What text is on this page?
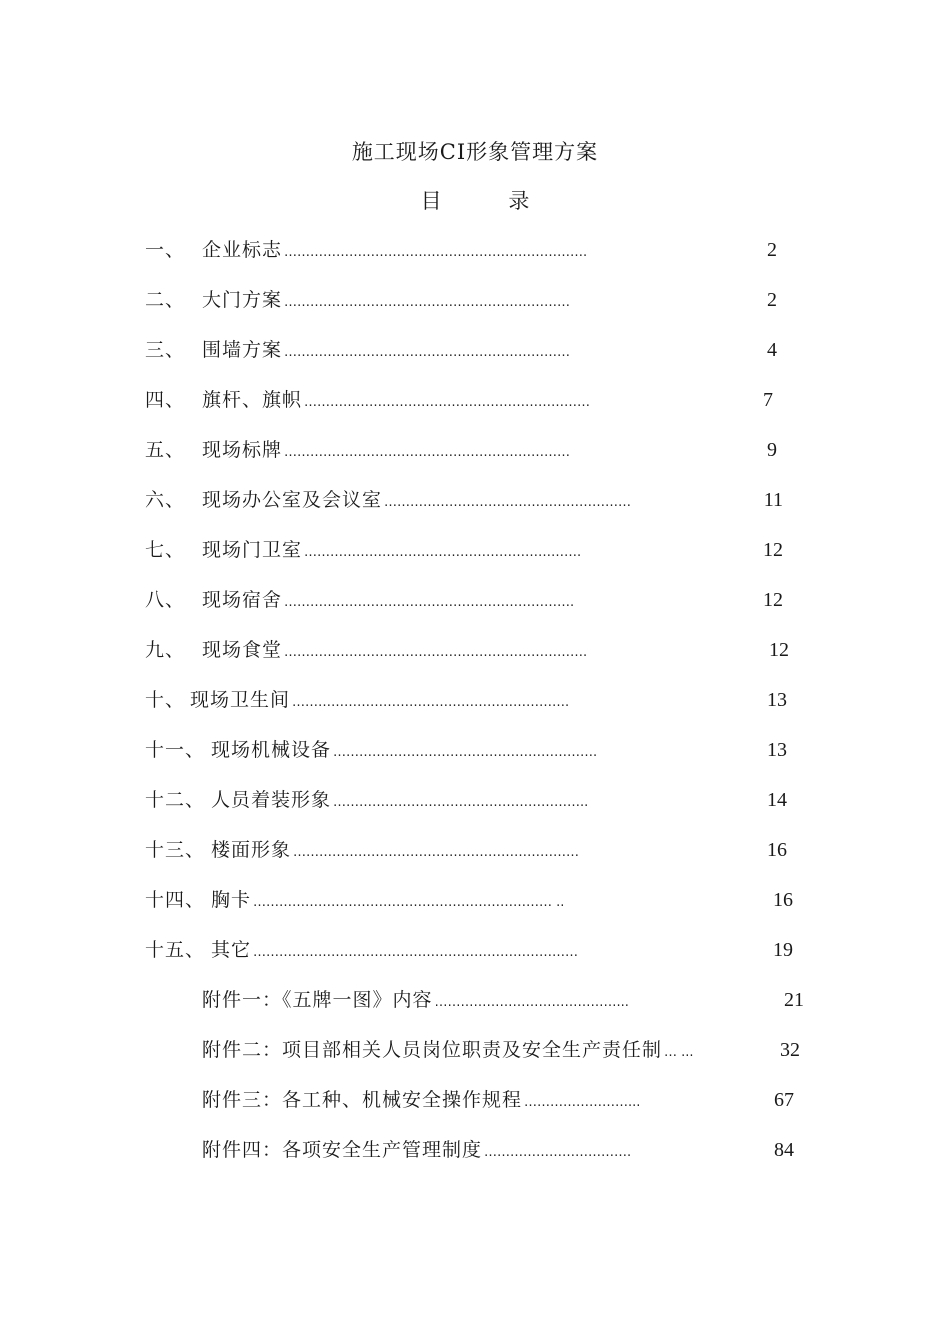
施工现场CI形象管理方案
目 录
一、 企业标志 …………………………………………………………….	2
二、 大门方案 …………………………………………………………	2
三、 围墙方案 …………………………………………………………	4
四、 旗杆、旗帜 …………………………………………………………	7
五、 现场标牌 …………………………………………………………	9
六、 现场办公室及会议室 …………………………………………………	11
七、 现场门卫室 ……………………………………………………….	12
八、 现场宿舍 ………………………………………………………….	12
九、 现场食堂 …………………………………………………………….	12
十、 现场卫生间 ……………………………………………………….	13
十一、 现场机械设备 …………………………………………………….	13
十二、 人员着装形象 …………………………………………………..	14
十三、 楼面形象 …………………………………………………………	16
十四、 胸卡 …………………………………………………………… ..	16
十五、 其它 …………………………………………………………………	19
附件一：《五牌一图》内容 ……………………………………...	21
附件二：项目部相关人员岗位职责及安全生产责任制 … ...	32
附件三：各工种、机械安全操作规程 ……………………...	67
附件四：各项安全生产管理制度 …………………………….	84
